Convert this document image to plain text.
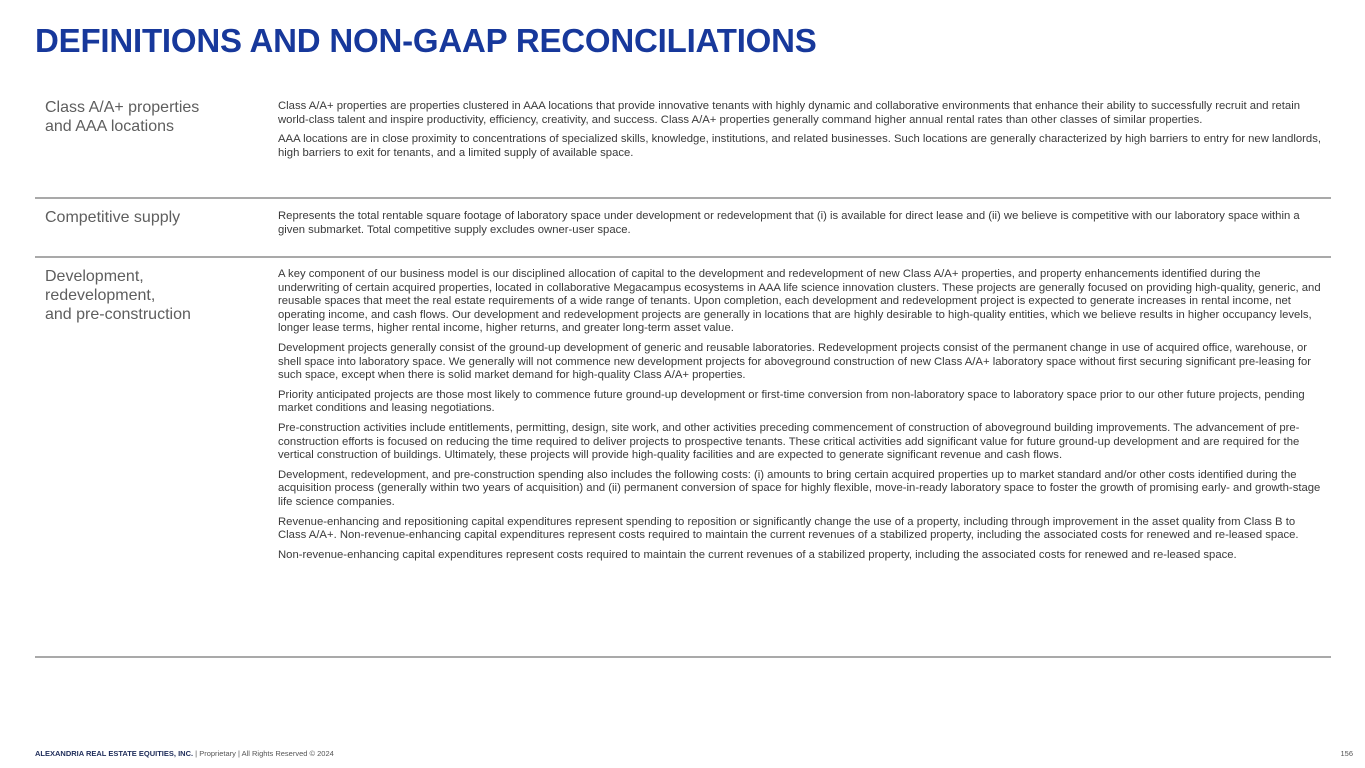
DEFINITIONS AND NON-GAAP RECONCILIATIONS
Class A/A+ properties
and AAA locations

Class A/A+ properties are properties clustered in AAA locations that provide innovative tenants with highly dynamic and collaborative environments that enhance their ability to successfully recruit and retain world-class talent and inspire productivity, efficiency, creativity, and success. Class A/A+ properties generally command higher annual rental rates than other classes of similar properties.

AAA locations are in close proximity to concentrations of specialized skills, knowledge, institutions, and related businesses. Such locations are generally characterized by high barriers to entry for new landlords, high barriers to exit for tenants, and a limited supply of available space.

Competitive supply	Represents the total rentable square footage of laboratory space under development or redevelopment that (i) is available for direct lease and (ii) we believe is competitive with our laboratory space within a given submarket. Total competitive supply excludes owner-user space.

Development,
redevelopment,
and pre-construction

A key component of our business model is our disciplined allocation of capital to the development and redevelopment of new Class A/A+ properties, and property enhancements identified during the underwriting of certain acquired properties, located in collaborative Megacampus ecosystems in AAA life science innovation clusters. These projects are generally focused on providing high-quality, generic, and reusable spaces that meet the real estate requirements of a wide range of tenants. Upon completion, each development and redevelopment project is expected to generate increases in rental income, net operating income, and cash flows. Our development and redevelopment projects are generally in locations that are highly desirable to high-quality entities, which we believe results in higher occupancy levels, longer lease terms, higher rental income, higher returns, and greater long-term asset value.

Development projects generally consist of the ground-up development of generic and reusable laboratories. Redevelopment projects consist of the permanent change in use of acquired office, warehouse, or shell space into laboratory space. We generally will not commence new development projects for aboveground construction of new Class A/A+ laboratory space without first securing significant pre-leasing for such space, except when there is solid market demand for high-quality Class A/A+ properties.

Priority anticipated projects are those most likely to commence future ground-up development or first-time conversion from non-laboratory space to laboratory space prior to our other future projects, pending market conditions and leasing negotiations.

Pre-construction activities include entitlements, permitting, design, site work, and other activities preceding commencement of construction of aboveground building improvements. The advancement of pre-construction efforts is focused on reducing the time required to deliver projects to prospective tenants. These critical activities add significant value for future ground-up development and are required for the vertical construction of buildings. Ultimately, these projects will provide high-quality facilities and are expected to generate significant revenue and cash flows.

Development, redevelopment, and pre-construction spending also includes the following costs: (i) amounts to bring certain acquired properties up to market standard and/or other costs identified during the acquisition process (generally within two years of acquisition) and (ii) permanent conversion of space for highly flexible, move-in-ready laboratory space to foster the growth of promising early- and growth-stage life science companies.

Revenue-enhancing and repositioning capital expenditures represent spending to reposition or significantly change the use of a property, including through improvement in the asset quality from Class B to Class A/A+. Non-revenue-enhancing capital expenditures represent costs required to maintain the current revenues of a stabilized property, including the associated costs for renewed and re-leased space.

Non-revenue-enhancing capital expenditures represent costs required to maintain the current revenues of a stabilized property, including the associated costs for renewed and re-leased space.

ALEXANDRIA REAL ESTATE EQUITIES, INC. | Proprietary | All Rights Reserved © 2024	156
